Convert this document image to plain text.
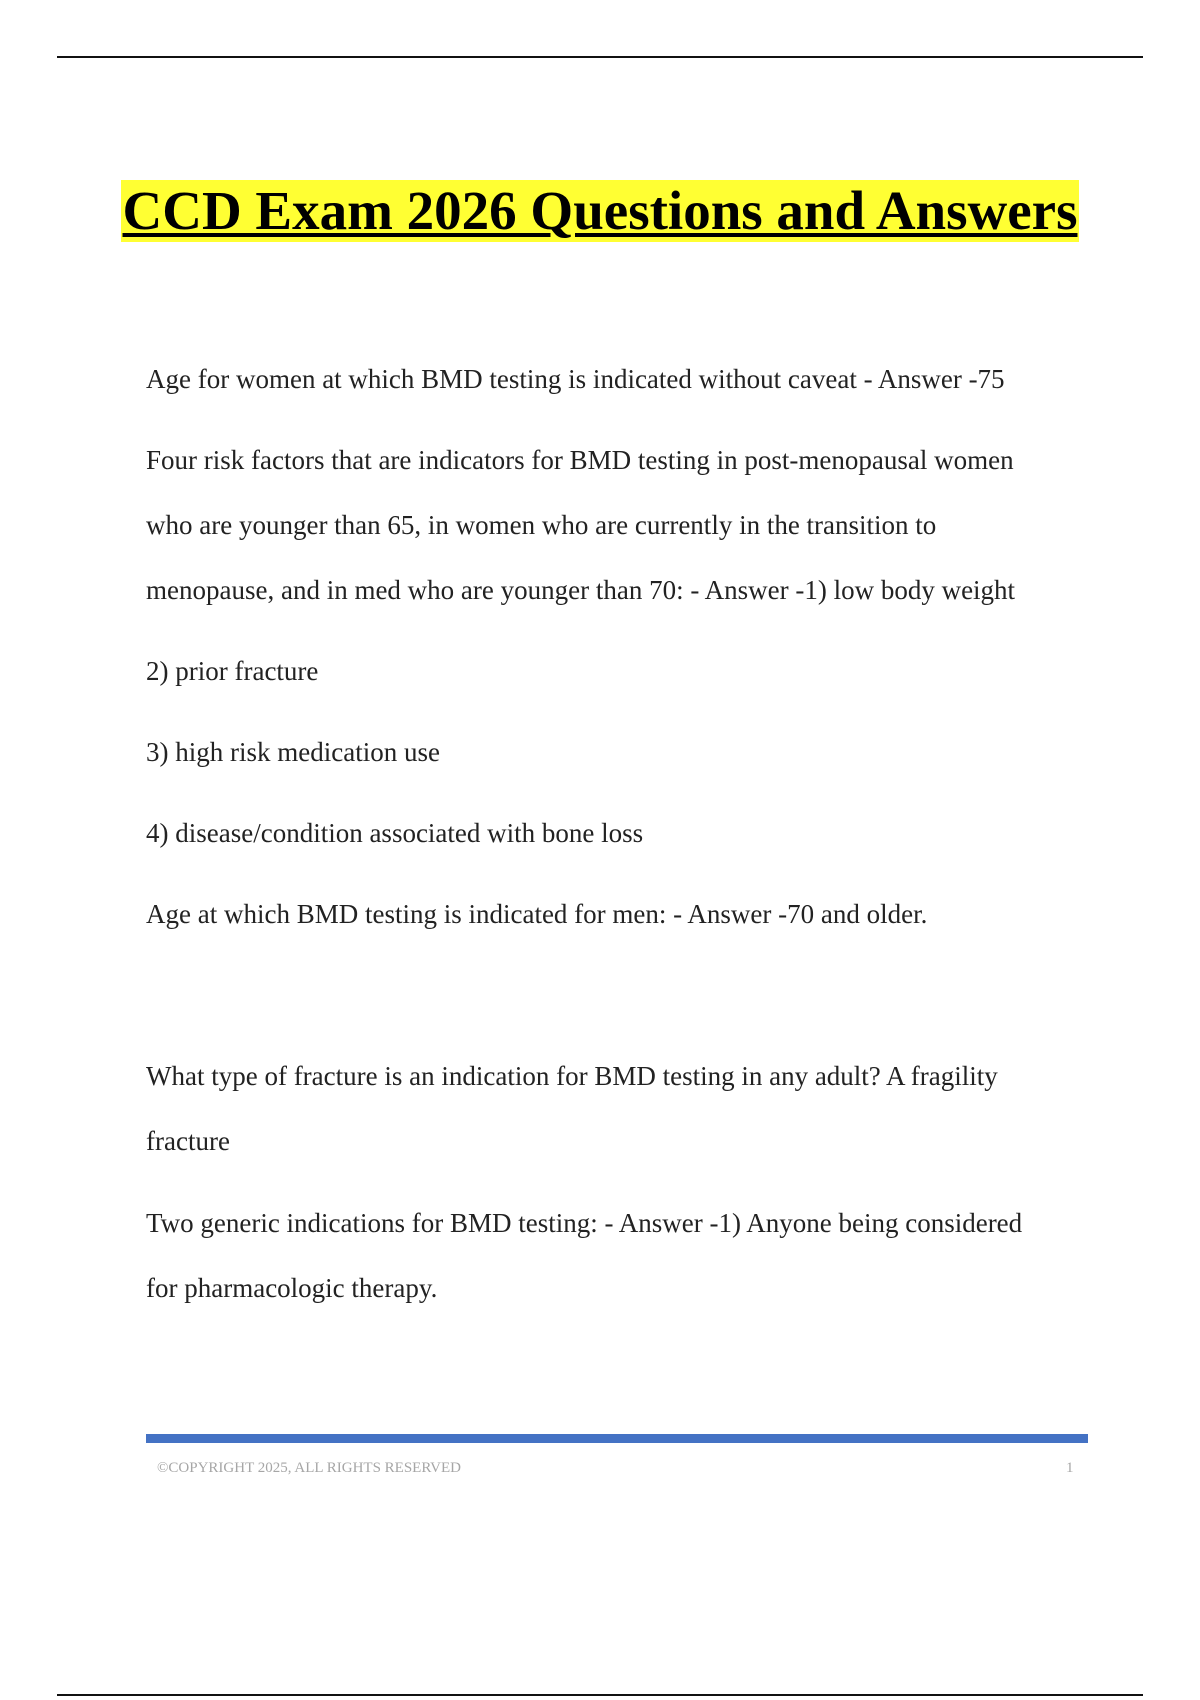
CCD Exam 2026 Questions and Answers
Age for women at which BMD testing is indicated without caveat - Answer -75
Four risk factors that are indicators for BMD testing in post-menopausal women
who are younger than 65, in women who are currently in the transition to
menopause, and in med who are younger than 70: - Answer -1) low body weight
2) prior fracture
3) high risk medication use
4) disease/condition associated with bone loss
Age at which BMD testing is indicated for men: - Answer -70 and older.
What type of fracture is an indication for BMD testing in any adult? A fragility
fracture
Two generic indications for BMD testing: - Answer -1) Anyone being considered
for pharmacologic therapy.
©COPYRIGHT 2025, ALL RIGHTS RESERVED	1
